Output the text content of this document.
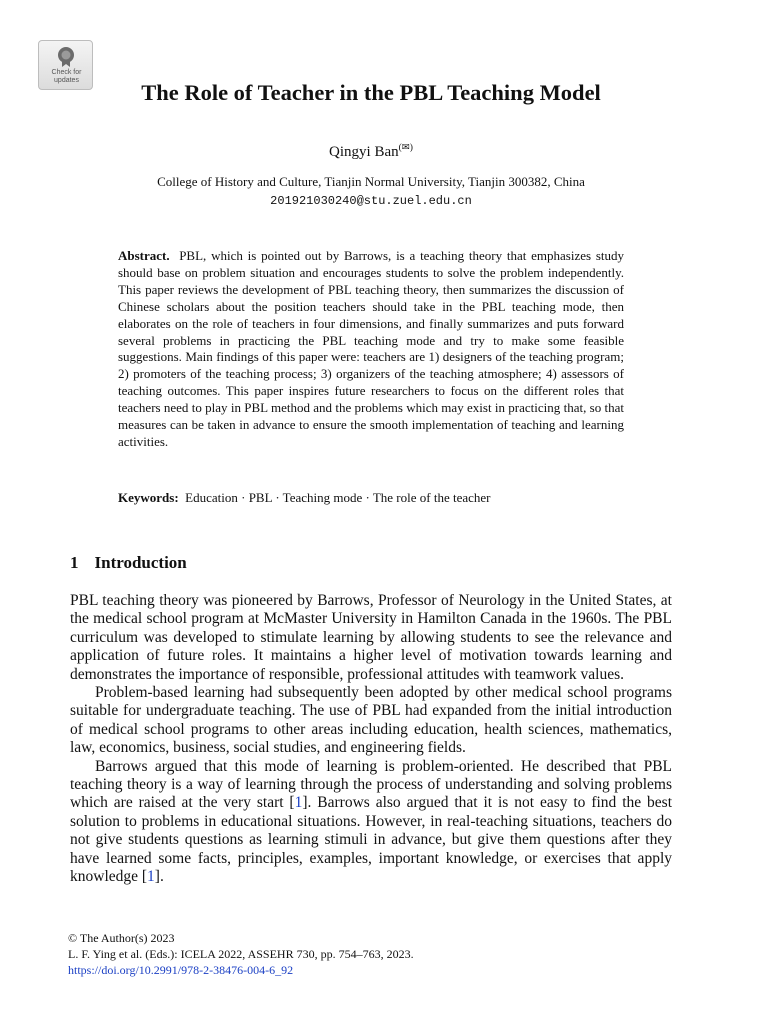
Check for
updates	The Role of Teacher in the PBL Teaching Model
Qingyi Ban(✉)
College of History and Culture, Tianjin Normal University, Tianjin 300382, China
201921030240@stu.zuel.edu.cn
Abstract. PBL, which is pointed out by Barrows, is a teaching theory that emphasizes study should base on problem situation and encourages students to solve the problem independently. This paper reviews the development of PBL teaching theory, then summarizes the discussion of Chinese scholars about the position teachers should take in the PBL teaching mode, then elaborates on the role of teachers in four dimensions, and finally summarizes and puts forward several problems in practicing the PBL teaching mode and try to make some feasible suggestions. Main findings of this paper were: teachers are 1) designers of the teaching program; 2) promoters of the teaching process; 3) organizers of the teaching atmosphere; 4) assessors of teaching outcomes. This paper inspires future researchers to focus on the different roles that teachers need to play in PBL method and the problems which may exist in practicing that, so that measures can be taken in advance to ensure the smooth implementation of teaching and learning activities.
Keywords: Education · PBL · Teaching mode · The role of the teacher
1 Introduction

PBL teaching theory was pioneered by Barrows, Professor of Neurology in the United States, at the medical school program at McMaster University in Hamilton Canada in the 1960s. The PBL curriculum was developed to stimulate learning by allowing students to see the relevance and application of future roles. It maintains a higher level of motivation towards learning and demonstrates the importance of responsible, professional attitudes with teamwork values.

Problem-based learning had subsequently been adopted by other medical school programs suitable for undergraduate teaching. The use of PBL had expanded from the initial introduction of medical school programs to other areas including education, health sciences, mathematics, law, economics, business, social studies, and engineering fields.

Barrows argued that this mode of learning is problem-oriented. He described that PBL teaching theory is a way of learning through the process of understanding and solving problems which are raised at the very start [1]. Barrows also argued that it is not easy to find the best solution to problems in educational situations. However, in real-teaching situations, teachers do not give students questions as learning stimuli in advance, but give them questions after they have learned some facts, principles, examples, important knowledge, or exercises that apply knowledge [1].

© The Author(s) 2023
L. F. Ying et al. (Eds.): ICELA 2022, ASSEHR 730, pp. 754–763, 2023.
https://doi.org/10.2991/978-2-38476-004-6_92
